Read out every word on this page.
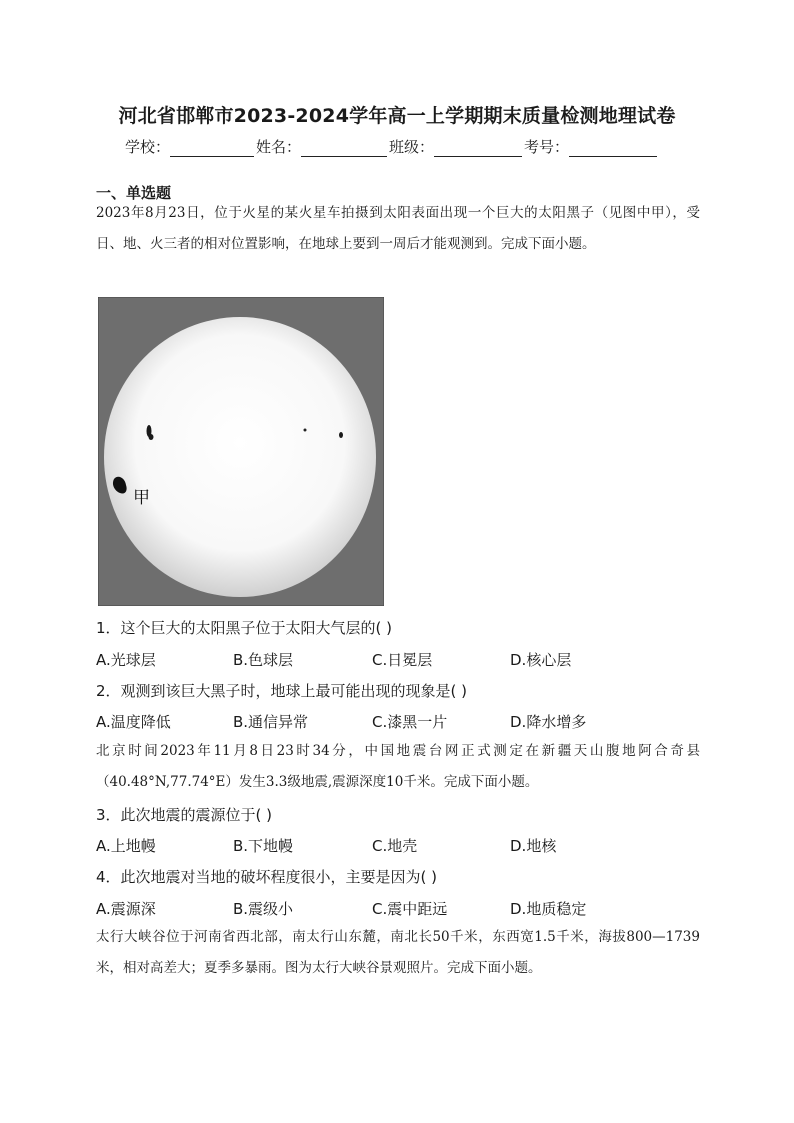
河北省邯郸市2023-2024学年高一上学期期末质量检测地理试卷
学校：	姓名：	班级：	考号：
一、单选题
2023年8月23日，位于火星的某火星车拍摄到太阳表面出现一个巨大的太阳黑子（见图中甲），受日、地、火三者的相对位置影响，在地球上要到一周后才能观测到。完成下面小题。
甲
1．这个巨大的太阳黑子位于太阳大气层的( )
A.光球层	B.色球层	C.日冕层	D.核心层
2．观测到该巨大黑子时，地球上最可能出现的现象是( )
A.温度降低	B.通信异常	C.漆黑一片	D.降水增多
北京时间2023年11月8日23时34分，中国地震台网正式测定在新疆天山腹地阿合奇县（40.48°N,77.74°E）发生3.3级地震,震源深度10千米。完成下面小题。
3．此次地震的震源位于( )
A.上地幔	B.下地幔	C.地壳	D.地核
4．此次地震对当地的破坏程度很小，主要是因为( )
A.震源深	B.震级小	C.震中距远	D.地质稳定
太行大峡谷位于河南省西北部，南太行山东麓，南北长50千米，东西宽1.5千米，海拔800—1739米，相对高差大；夏季多暴雨。图为太行大峡谷景观照片。完成下面小题。
